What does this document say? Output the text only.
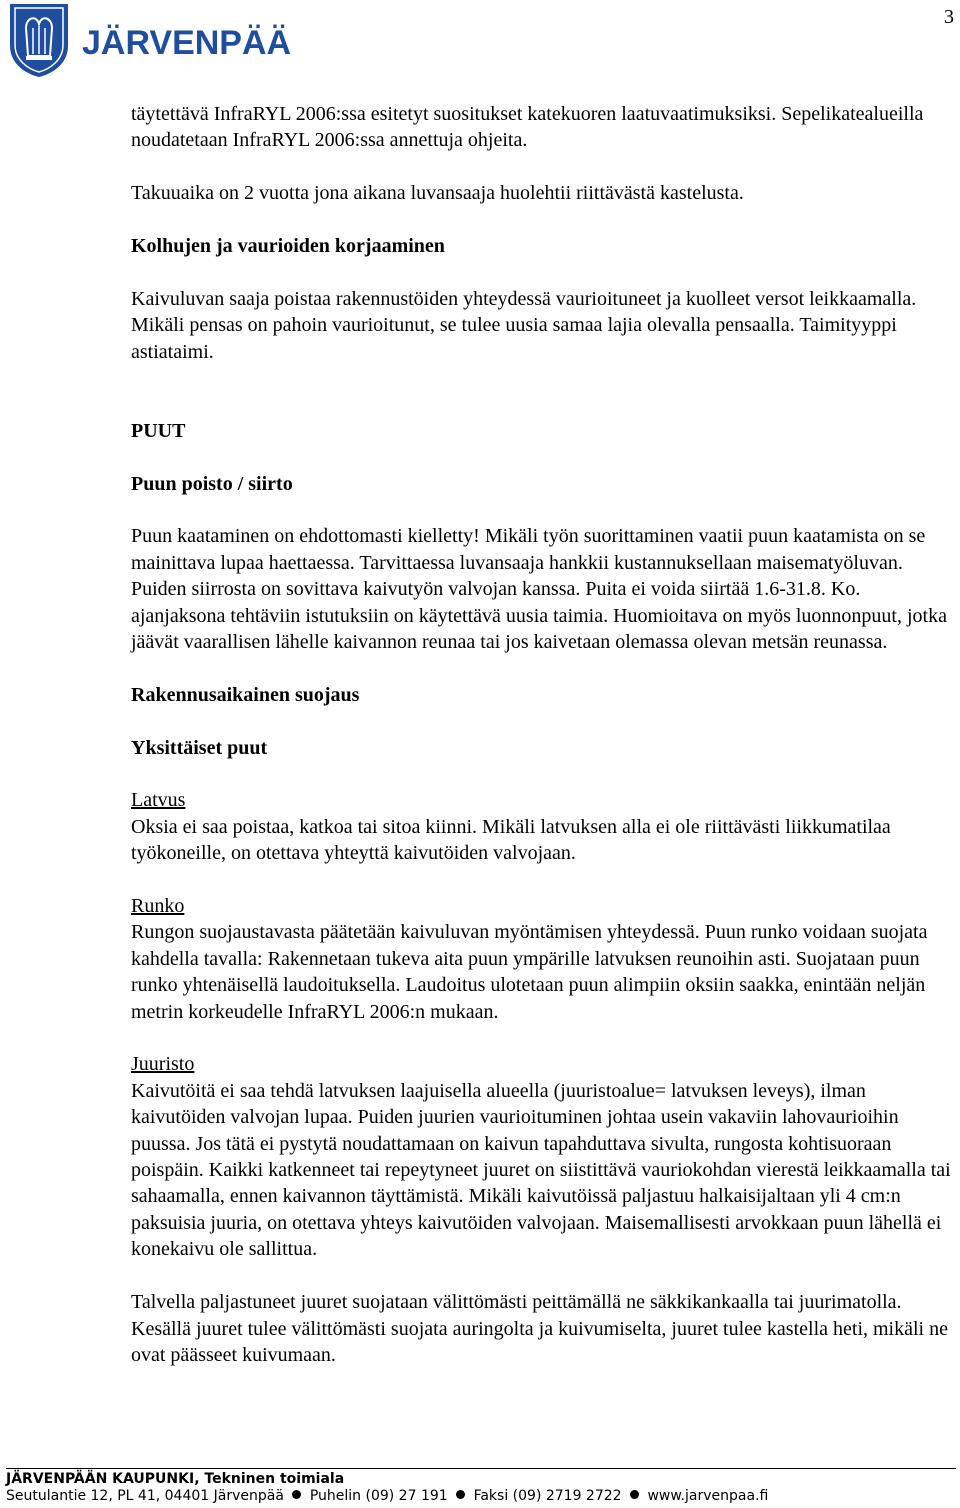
JÄRVENPÄÄ
3

täytettävä InfraRYL 2006:ssa esitetyt suositukset katekuoren laatuvaatimuksiksi. Sepelikatealueilla noudatetaan InfraRYL 2006:ssa annettuja ohjeita.

Takuuaika on 2 vuotta jona aikana luvansaaja huolehtii riittävästä kastelusta.

Kolhujen ja vaurioiden korjaaminen

Kaivuluvan saaja poistaa rakennustöiden yhteydessä vaurioituneet ja kuolleet versot leikkaamalla. Mikäli pensas on pahoin vaurioitunut, se tulee uusia samaa lajia olevalla pensaalla. Taimityyppi astiataimi.

PUUT

Puun poisto / siirto

Puun kaataminen on ehdottomasti kielletty! Mikäli työn suorittaminen vaatii puun kaatamista on se mainittava lupaa haettaessa. Tarvittaessa luvansaaja hankkii kustannuksellaan maisematyöluvan. Puiden siirrosta on sovittava kaivutyön valvojan kanssa. Puita ei voida siirtää 1.6-31.8. Ko. ajanjaksona tehtäviin istutuksiin on käytettävä uusia taimia. Huomioitava on myös luonnonpuut, jotka jäävät vaarallisen lähelle kaivannon reunaa tai jos kaivetaan olemassa olevan metsän reunassa.

Rakennusaikainen suojaus

Yksittäiset puut

Latvus

Oksia ei saa poistaa, katkoa tai sitoa kiinni. Mikäli latvuksen alla ei ole riittävästi liikkumatilaa työkoneille, on otettava yhteyttä kaivutöiden valvojaan.

Runko

Rungon suojaustavasta päätetään kaivuluvan myöntämisen yhteydessä. Puun runko voidaan suojata kahdella tavalla: Rakennetaan tukeva aita puun ympärille latvuksen reunoihin asti. Suojataan puun runko yhtenäisellä laudoituksella. Laudoitus ulotetaan puun alimpiin oksiin saakka, enintään neljän metrin korkeudelle InfraRYL 2006:n mukaan.

Juuristo

Kaivutöitä ei saa tehdä latvuksen laajuisella alueella (juuristoalue= latvuksen leveys), ilman kaivutöiden valvojan lupaa. Puiden juurien vaurioituminen johtaa usein vakaviin lahovaurioihin puussa. Jos tätä ei pystytä noudattamaan on kaivun tapahduttava sivulta, rungosta kohtisuoraan poispäin. Kaikki katkenneet tai repeytyneet juuret on siistittävä vauriokohdan vierestä leikkaamalla tai sahaamalla, ennen kaivannon täyttämistä. Mikäli kaivutöissä paljastuu halkaisijaltaan yli 4 cm:n paksuisia juuria, on otettava yhteys kaivutöiden valvojaan. Maisemallisesti arvokkaan puun lähellä ei konekaivu ole sallittua.

Talvella paljastuneet juuret suojataan välittömästi peittämällä ne säkkikankaalla tai juurimatolla. Kesällä juuret tulee välittömästi suojata auringolta ja kuivumiselta, juuret tulee kastella heti, mikäli ne ovat päässeet kuivumaan.

JÄRVENPÄÄN KAUPUNKI, Tekninen toimiala
Seutulantie 12, PL 41, 04401 Järvenpää Puhelin (09) 27 191 Faksi (09) 2719 2722 www.jarvenpaa.fi
